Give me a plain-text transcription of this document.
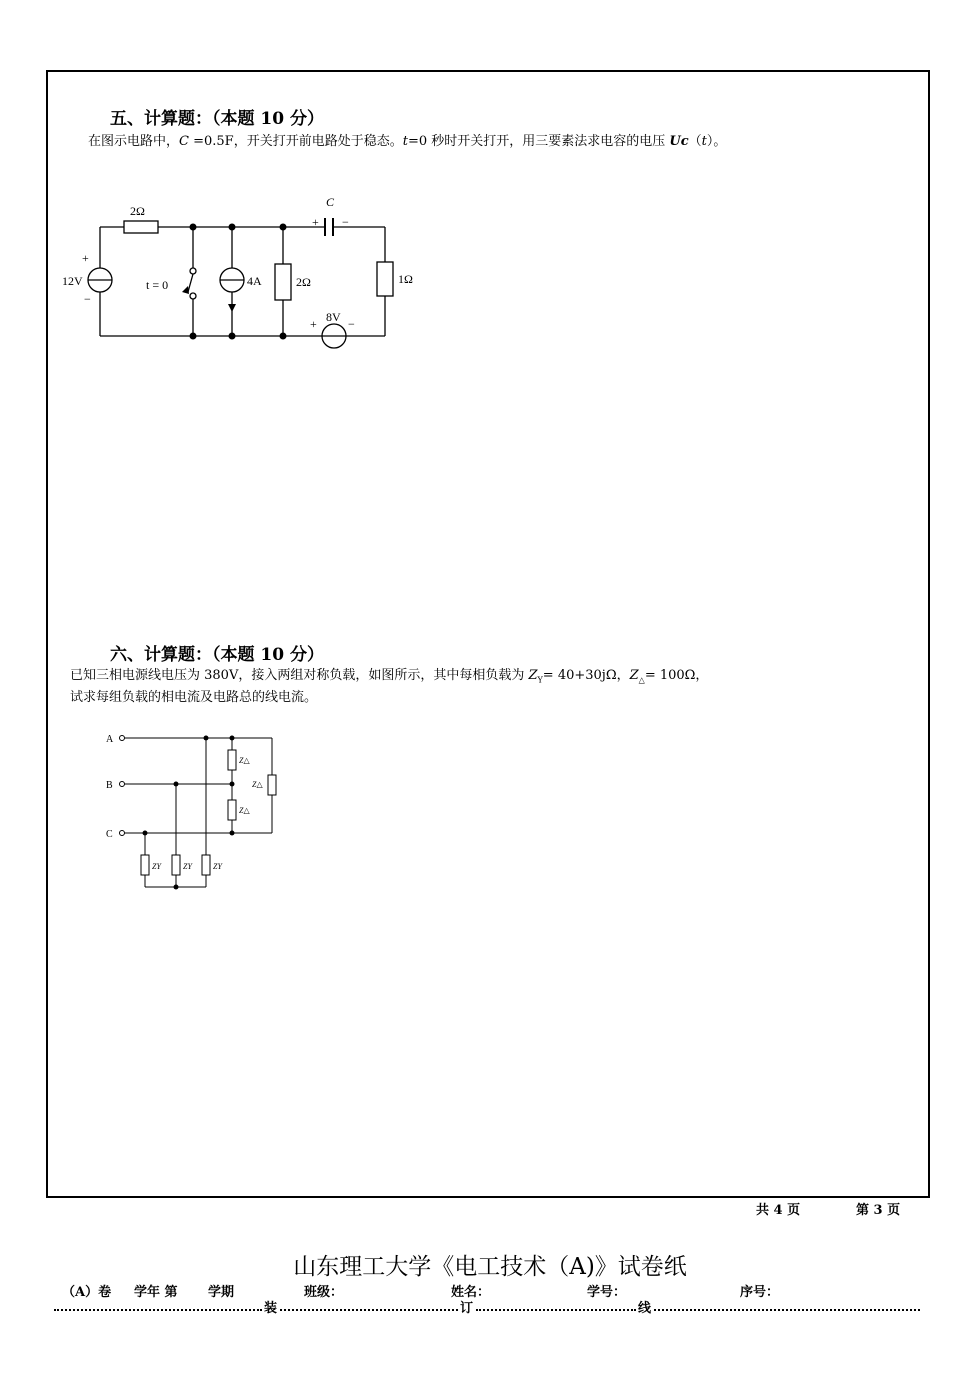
五、计算题：（本题 10 分）
在图示电路中，C =0.5F，开关打开前电路处于稳态。t=0 秒时开关打开，用三要素法求电容的电压 Uc（t）。
2Ω
C
+ −
12V
+
−
t = 0	4A	2Ω	1Ω
8V
+	−
六、计算题：（本题 10 分）
已知三相电源线电压为 380V，接入两组对称负载，如图所示，其中每相负载为 $Z_Y= 40+30j\Omega$，$Z_\triangle= 100\Omega$，
试求每组负载的相电流及电路总的线电流。
A
B
C
Z△
Z△
Z△
ZY	ZY	ZY
共 4 页	第 3 页
山东理工大学《电工技术（A)》试卷纸
（A）卷 学年 第 学期	班级：	姓名：	学号：	序号：
装	订	线
